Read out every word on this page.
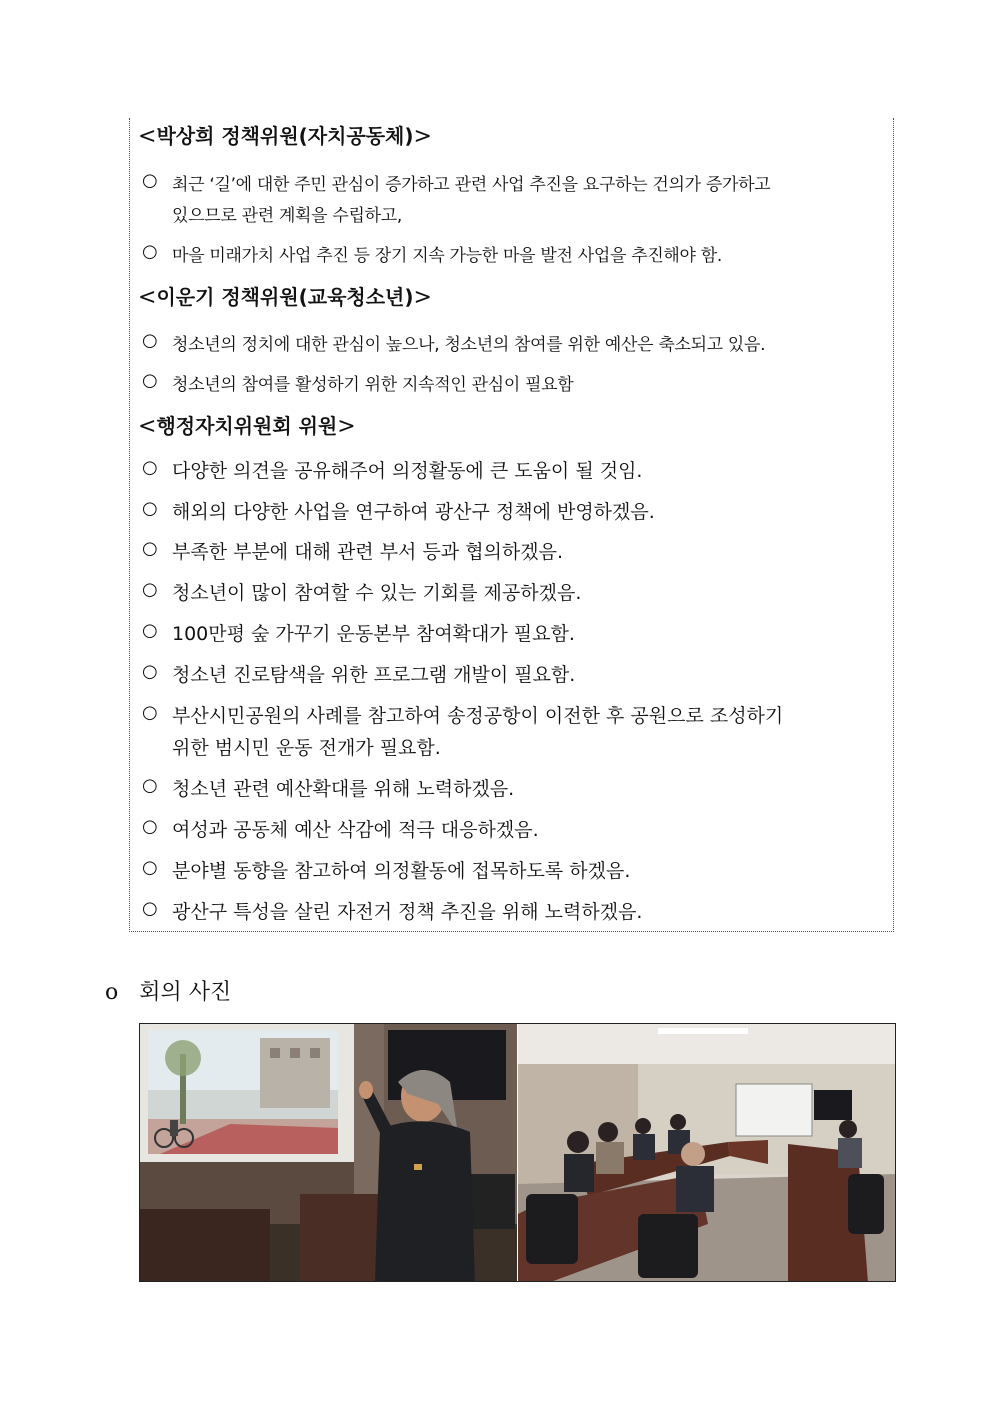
<박상희 정책위원(자치공동체)>
○ 최근 ‘길’에 대한 주민 관심이 증가하고 관련 사업 추진을 요구하는 건의가 증가하고
있으므로 관련 계획을 수립하고,
○ 마을 미래가치 사업 추진 등 장기 지속 가능한 마을 발전 사업을 추진해야 함.
<이운기 정책위원(교육청소년)>
○ 청소년의 정치에 대한 관심이 높으나, 청소년의 참여를 위한 예산은 축소되고 있음.
○ 청소년의 참여를 활성하기 위한 지속적인 관심이 필요함
<행정자치위원회 위원>
○ 다양한 의견을 공유해주어 의정활동에 큰 도움이 될 것임.
○ 해외의 다양한 사업을 연구하여 광산구 정책에 반영하겠음.
○ 부족한 부분에 대해 관련 부서 등과 협의하겠음.
○ 청소년이 많이 참여할 수 있는 기회를 제공하겠음.
○ 100만평 숲 가꾸기 운동본부 참여확대가 필요함.
○ 청소년 진로탐색을 위한 프로그램 개발이 필요함.
○ 부산시민공원의 사례를 참고하여 송정공항이 이전한 후 공원으로 조성하기
위한 범시민 운동 전개가 필요함.
○ 청소년 관련 예산확대를 위해 노력하겠음.
○ 여성과 공동체 예산 삭감에 적극 대응하겠음.
○ 분야별 동향을 참고하여 의정활동에 접목하도록 하겠음.
○ 광산구 특성을 살린 자전거 정책 추진을 위해 노력하겠음.
o 회의 사진
